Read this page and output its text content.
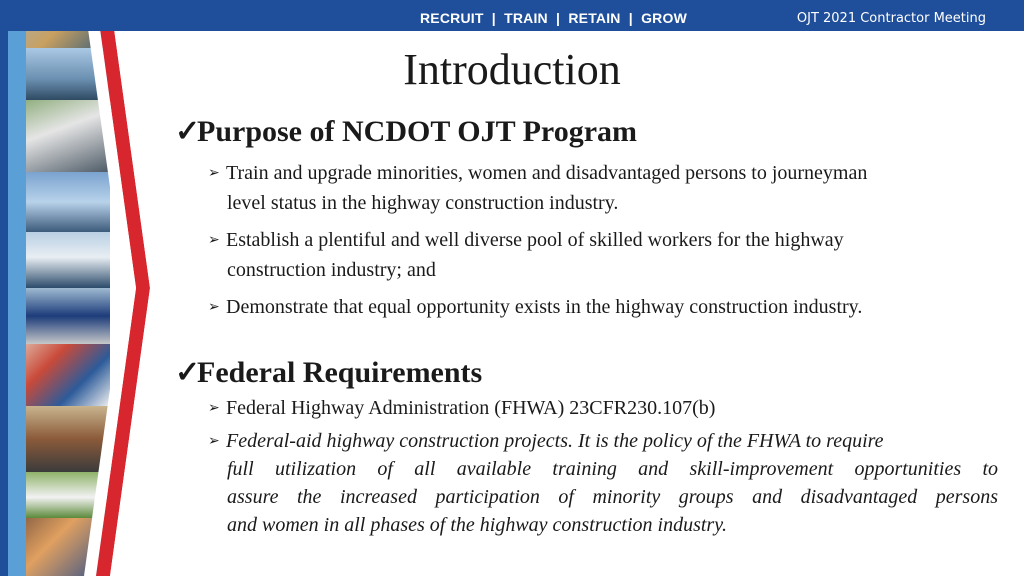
RECRUIT  |  TRAIN  |  RETAIN  |  GROW	OJT 2021 Contractor Meeting
Introduction
✓Purpose of NCDOT OJT Program
➢ Train and upgrade minorities, women and disadvantaged persons to journeyman
level status in the highway construction industry.
➢ Establish a plentiful and well diverse pool of skilled workers for the highway
construction industry; and
➢ Demonstrate that equal opportunity exists in the highway construction industry.
✓Federal Requirements
➢ Federal Highway Administration (FHWA) 23CFR230.107(b)
➢ Federal-aid highway construction projects. It is the policy of the FHWA to require
full utilization of all available training and skill-improvement opportunities to
assure the increased participation of minority groups and disadvantaged persons
and women in all phases of the highway construction industry.
